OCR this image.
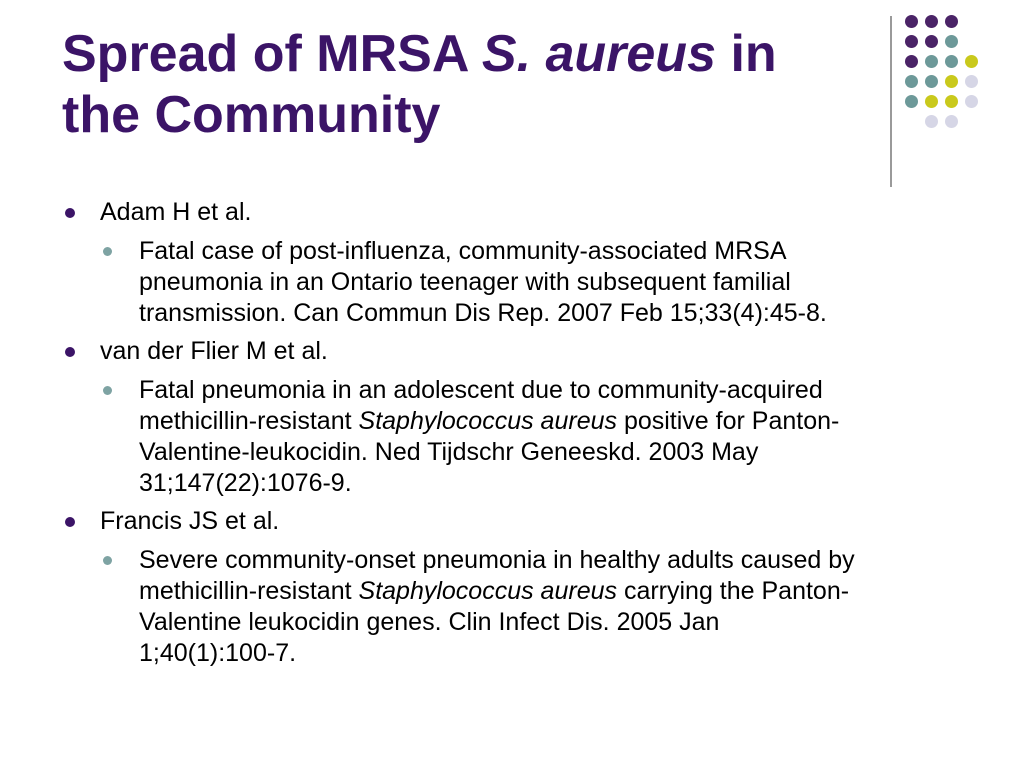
Spread of MRSA S. aureus in
the Community
Adam H et al.
Fatal case of post-influenza, community-associated MRSA
pneumonia in an Ontario teenager with subsequent familial
transmission. Can Commun Dis Rep. 2007 Feb 15;33(4):45-8.
van der Flier M et al.
Fatal pneumonia in an adolescent due to community-acquired
methicillin-resistant Staphylococcus aureus positive for Panton-
Valentine-leukocidin. Ned Tijdschr Geneeskd. 2003 May
31;147(22):1076-9.
Francis JS et al.
Severe community-onset pneumonia in healthy adults caused by
methicillin-resistant Staphylococcus aureus carrying the Panton-
Valentine leukocidin genes. Clin Infect Dis. 2005 Jan
1;40(1):100-7.
